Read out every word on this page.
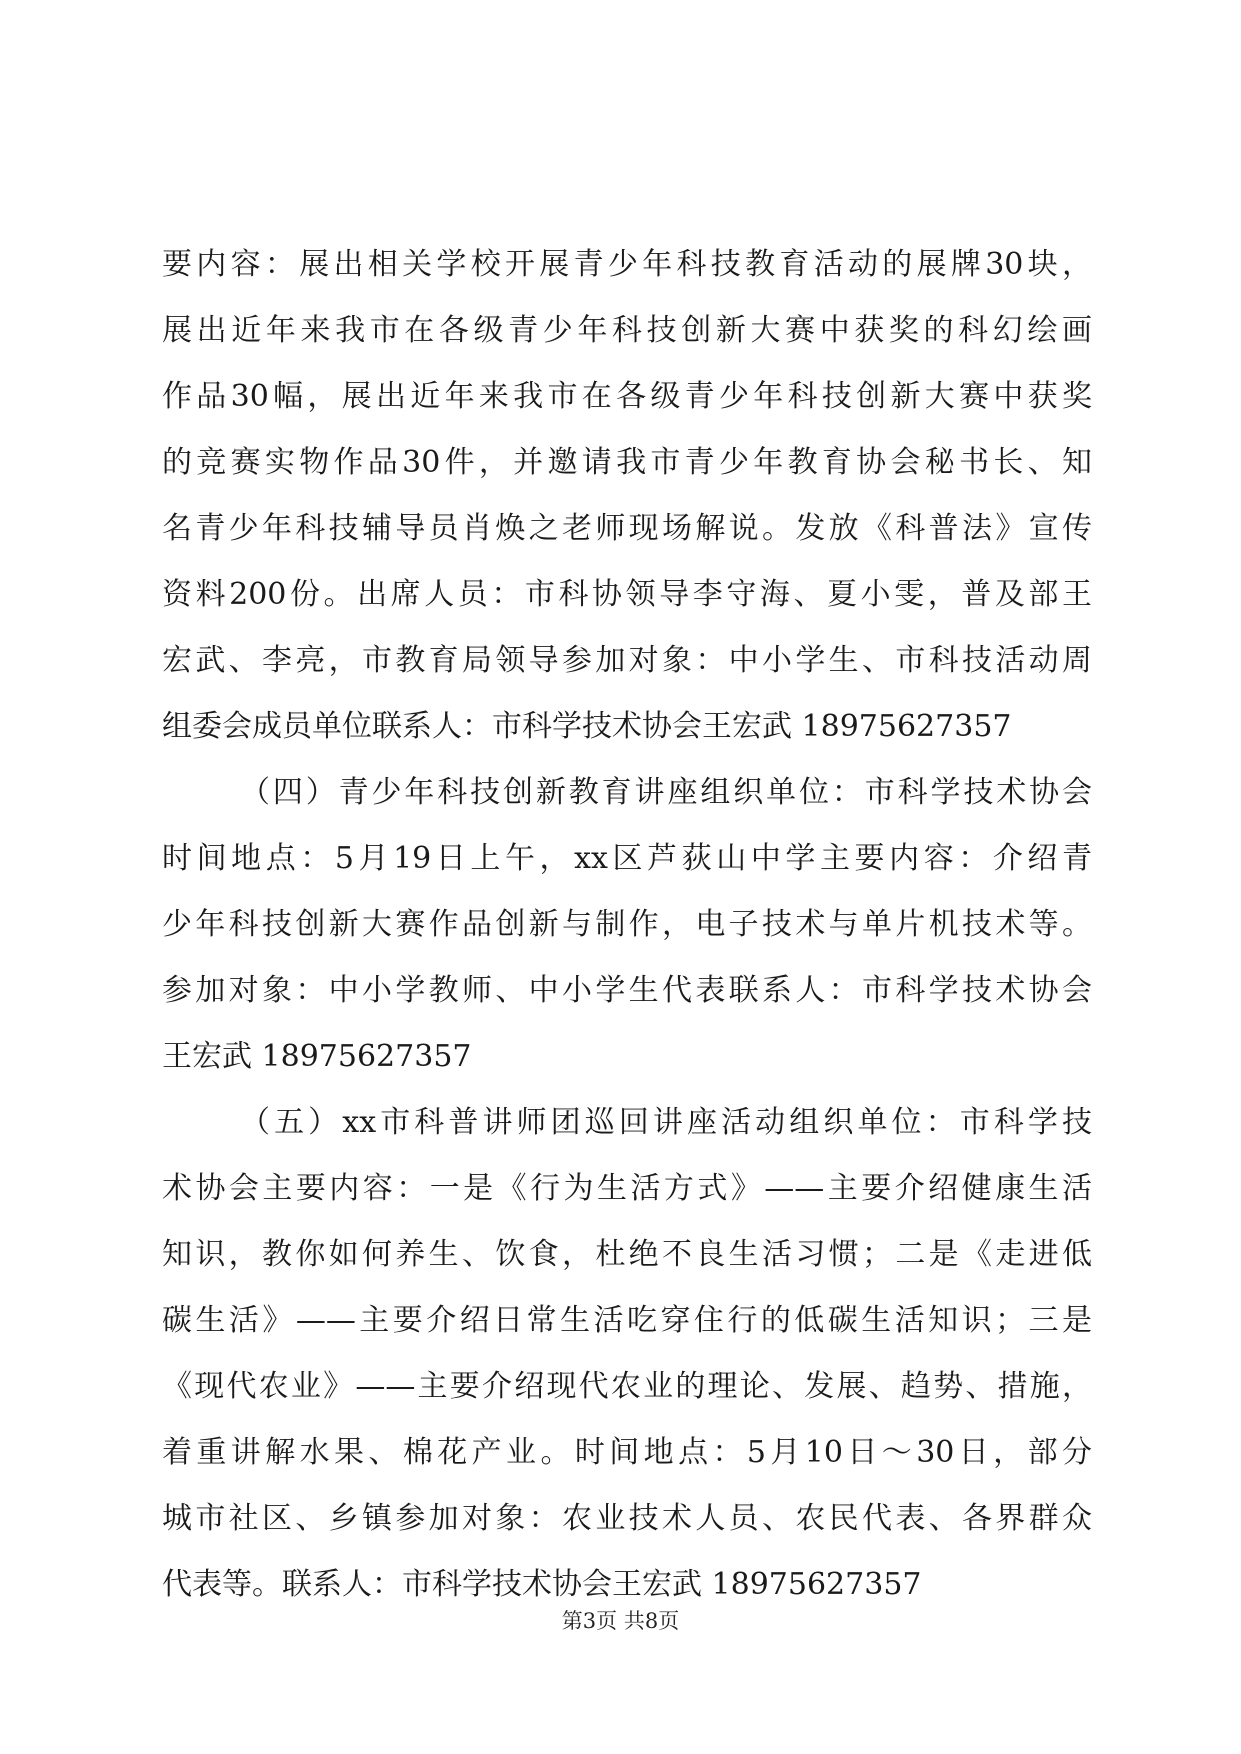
要内容：展出相关学校开展青少年科技教育活动的展牌30块，
展出近年来我市在各级青少年科技创新大赛中获奖的科幻绘画
作品30幅，展出近年来我市在各级青少年科技创新大赛中获奖
的竞赛实物作品30件，并邀请我市青少年教育协会秘书长、知
名青少年科技辅导员肖焕之老师现场解说。发放《科普法》宣传
资料200份。出席人员：市科协领导李守海、夏小雯，普及部王
宏武、李亮，市教育局领导参加对象：中小学生、市科技活动周
组委会成员单位联系人：市科学技术协会王宏武 18975627357
（四）青少年科技创新教育讲座组织单位：市科学技术协会
时间地点：5月19日上午，xx区芦荻山中学主要内容：介绍青
少年科技创新大赛作品创新与制作，电子技术与单片机技术等。
参加对象：中小学教师、中小学生代表联系人：市科学技术协会
王宏武 18975627357
（五）xx市科普讲师团巡回讲座活动组织单位：市科学技
术协会主要内容：一是《行为生活方式》——主要介绍健康生活
知识，教你如何养生、饮食，杜绝不良生活习惯；二是《走进低
碳生活》——主要介绍日常生活吃穿住行的低碳生活知识；三是
《现代农业》——主要介绍现代农业的理论、发展、趋势、措施，
着重讲解水果、棉花产业。时间地点：5月10日～30日，部分
城市社区、乡镇参加对象：农业技术人员、农民代表、各界群众
代表等。联系人：市科学技术协会王宏武 18975627357
第3页 共8页
